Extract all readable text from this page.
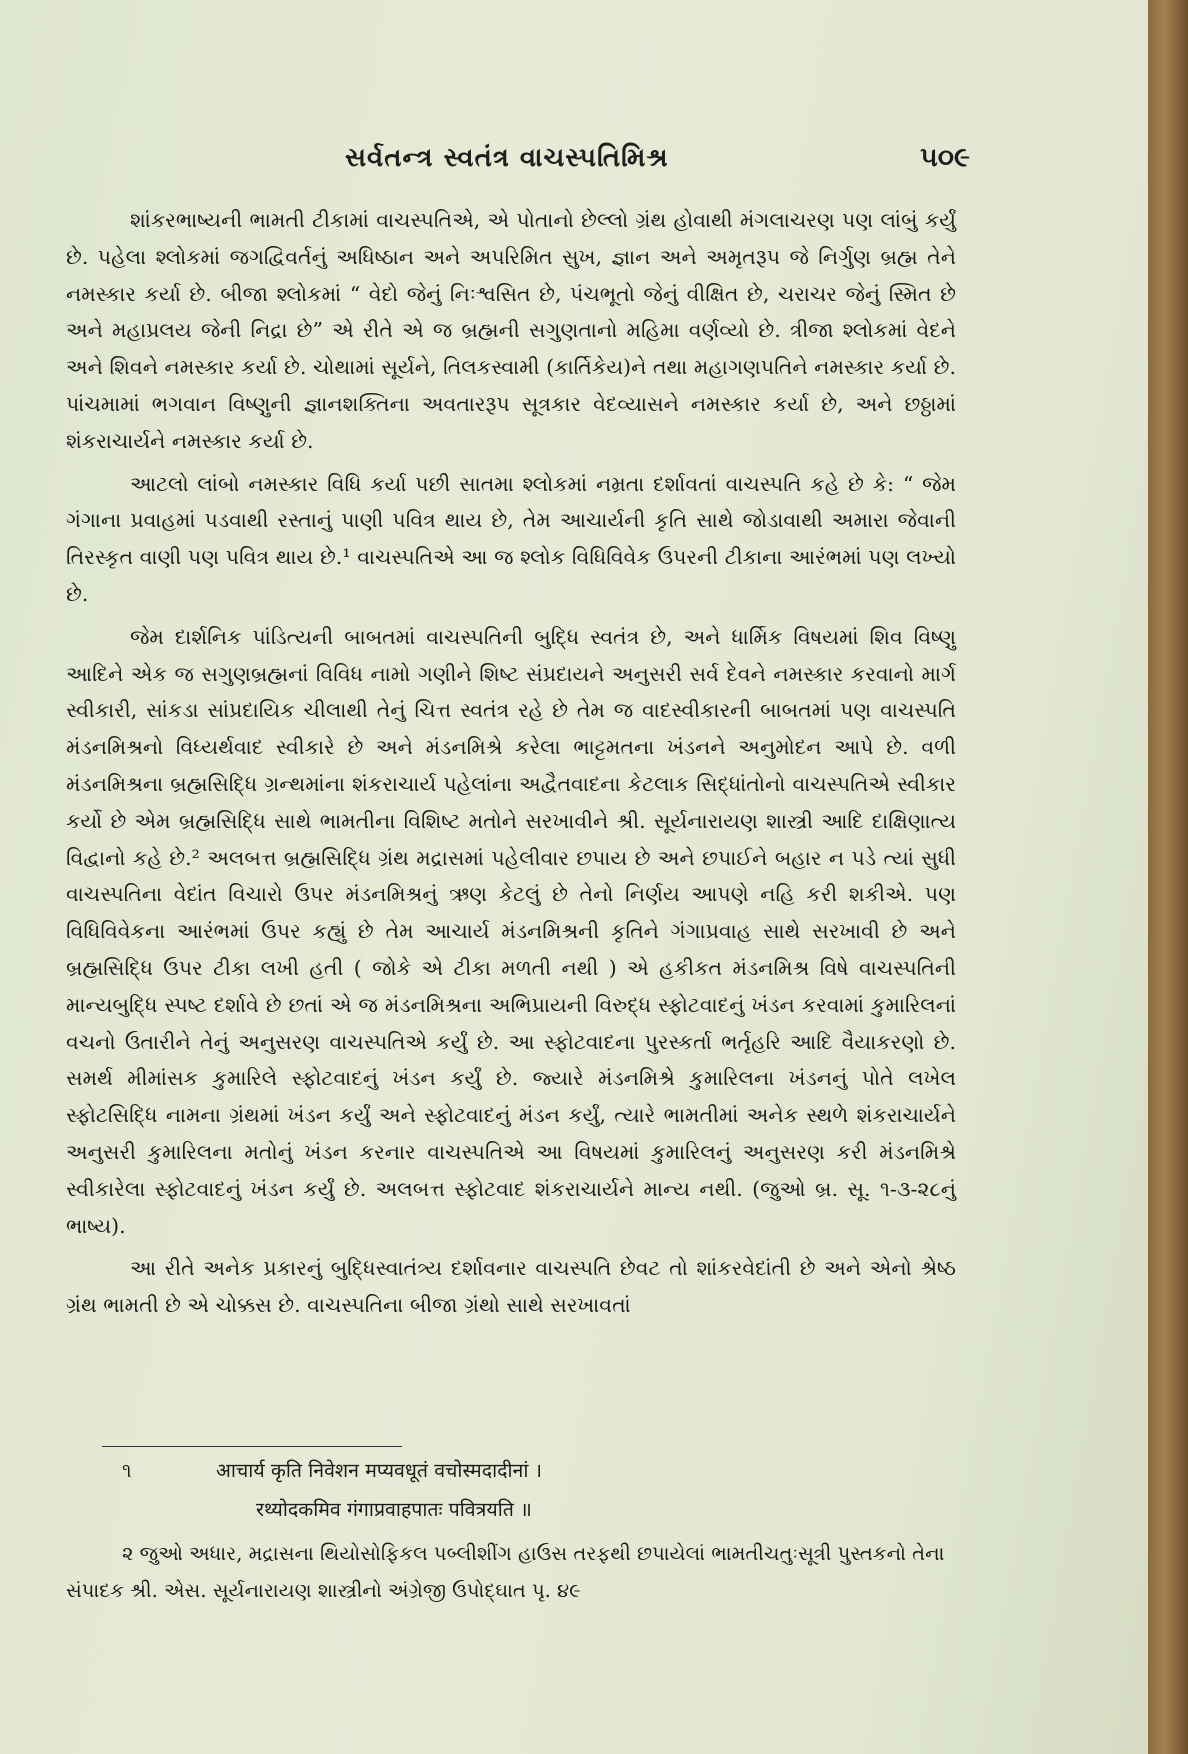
સર્વતન્ત્ર સ્વતંત્ર વાચસ્પતિમિશ્ર	૫૦૯

શાંકરભાષ્યની ભામતી ટીકામાં વાચસ્પતિએ, એ પોતાનો છેલ્લો ગ્રંથ હોવાથી મંગલાચરણ પણ લાંબું કર્યું છે. પહેલા શ્લોકમાં જગદ્વિવર્તનું અધિષ્ઠાન અને અપરિમિત સુખ, જ્ઞાન અને અમૃતરૂપ જે નિર્ગુણ બ્રહ્મ તેને નમસ્કાર કર્યા છે. બીજા શ્લોકમાં “ વેદો જેનું નિઃશ્વસિત છે, પંચભૂતો જેનું વીક્ષિત છે, ચરાચર જેનું સ્મિત છે અને મહાપ્રલય જેની નિદ્રા છે” એ રીતે એ જ બ્રહ્મની સગુણતાનો મહિમા વર્ણવ્યો છે. ત્રીજા શ્લોકમાં વેદને અને શિવને નમસ્કાર કર્યા છે. ચોથામાં સૂર્યને, તિલકસ્વામી (કાર્તિકેય)ને તથા મહાગણપતિને નમસ્કાર કર્યા છે. પાંચમામાં ભગવાન વિષ્ણુની જ્ઞાનશક્તિના અવતારરૂપ સૂત્રકાર વેદવ્યાસને નમસ્કાર કર્યા છે, અને છઠ્ઠામાં શંકરાચાર્યને નમસ્કાર કર્યા છે.

આટલો લાંબો નમસ્કાર વિધિ કર્યા પછી સાતમા શ્લોકમાં નમ્રતા દર્શાવતાં વાચસ્પતિ કહે છે કે: “ જેમ ગંગાના પ્રવાહમાં પડવાથી રસ્તાનું પાણી પવિત્ર થાય છે, તેમ આચાર્યની કૃતિ સાથે જોડાવાથી અમારા જેવાની તિરસ્કૃત વાણી પણ પવિત્ર થાય છે.¹ વાચસ્પતિએ આ જ શ્લોક વિધિવિવેક ઉપરની ટીકાના આરંભમાં પણ લખ્યો છે.

જેમ દાર્શનિક પાંડિત્યની બાબતમાં વાચસ્પતિની બુદ્ધિ સ્વતંત્ર છે, અને ધાર્મિક વિષયમાં શિવ વિષ્ણુ આદિને એક જ સગુણબ્રહ્મનાં વિવિધ નામો ગણીને શિષ્ટ સંપ્રદાયને અનુસરી સર્વ દેવને નમસ્કાર કરવાનો માર્ગ સ્વીકારી, સાંકડા સાંપ્રદાયિક ચીલાથી તેનું ચિત્ત સ્વતંત્ર રહે છે તેમ જ વાદસ્વીકારની બાબતમાં પણ વાચસ્પતિ મંડનમિશ્રનો વિધ્યર્થવાદ સ્વીકારે છે અને મંડનમિશ્રે કરેલા ભાટ્ટમતના ખંડનને અનુમોદન આપે છે. વળી મંડનમિશ્રના બ્રહ્મસિદ્ધિ ગ્રન્થમાંના શંકરાચાર્ય પહેલાંના અદ્વૈતવાદના કેટલાક સિદ્ધાંતોનો વાચસ્પતિએ સ્વીકાર કર્યો છે એમ બ્રહ્મસિદ્ધિ સાથે ભામતીના વિશિષ્ટ મતોને સરખાવીને શ્રી. સૂર્યનારાયણ શાસ્ત્રી આદિ દાક્ષિણાત્ય વિદ્વાનો કહે છે.² અલબત્ત બ્રહ્મસિદ્ધિ ગ્રંથ મદ્રાસમાં પહેલીવાર છપાય છે અને છપાઈને બહાર ન પડે ત્યાં સુધી વાચસ્પતિના વેદાંત વિચારો ઉપર મંડનમિશ્રનું ઋણ કેટલું છે તેનો નિર્ણય આપણે નહિ કરી શકીએ. પણ વિધિવિવેકના આરંભમાં ઉપર કહ્યું છે તેમ આચાર્ય મંડનમિશ્રની કૃતિને ગંગાપ્રવાહ સાથે સરખાવી છે અને બ્રહ્મસિદ્ધિ ઉપર ટીકા લખી હતી ( જોકે એ ટીકા મળતી નથી ) એ હકીકત મંડનમિશ્ર વિષે વાચસ્પતિની માન્યબુદ્ધિ સ્પષ્ટ દર્શાવે છે છતાં એ જ મંડનમિશ્રના અભિપ્રાયની વિરુદ્ધ સ્ફોટવાદનું ખંડન કરવામાં કુમારિલનાં વચનો ઉતારીને તેનું અનુસરણ વાચસ્પતિએ કર્યું છે. આ સ્ફોટવાદના પુરસ્કર્તા ભર્તૃહરિ આદિ વૈયાકરણો છે. સમર્થ મીમાંસક કુમારિલે સ્ફોટવાદનું ખંડન કર્યું છે. જ્યારે મંડનમિશ્રે કુમારિલના ખંડનનું પોતે લખેલ સ્ફોટસિદ્ધિ નામના ગ્રંથમાં ખંડન કર્યું અને સ્ફોટવાદનું મંડન કર્યું, ત્યારે ભામતીમાં અનેક સ્થળે શંકરાચાર્યને અનુસરી કુમારિલના મતોનું ખંડન કરનાર વાચસ્પતિએ આ વિષયમાં કુમારિલનું અનુસરણ કરી મંડનમિશ્રે સ્વીકારેલા સ્ફોટવાદનું ખંડન કર્યું છે. અલબત્ત સ્ફોટવાદ શંકરાચાર્યને માન્ય નથી. (જુઓ બ્ર. સૂ. ૧-૩-૨૮નું ભાષ્ય).

આ રીતે અનેક પ્રકારનું બુદ્ધિસ્વાતંત્ર્ય દર્શાવનાર વાચસ્પતિ છેવટ તો શાંકરવેદાંતી છે અને એનો શ્રેષ્ઠ ગ્રંથ ભામતી છે એ ચોક્કસ છે. વાચસ્પતિના બીજા ગ્રંથો સાથે સરખાવતાં

૧	आचार्य कृति निवेशन मप्यवधूतं वचोस्मदादीनां ।
रथ्योदकमिव गंगाप्रवाहपातः पवित्रयति ॥
૨ જુઓ અધાર, મદ્રાસના થિયોસોફિકલ પબ્લીશીંગ હાઉસ તરફથી છપાયેલાં ભામતીચતુઃસૂત્રી પુસ્તકનો તેના સંપાદક શ્રી. એસ. સૂર્યનારાયણ શાસ્ત્રીનો અંગ્રેજી ઉપોદ્ઘાત પૃ. ૪૯
